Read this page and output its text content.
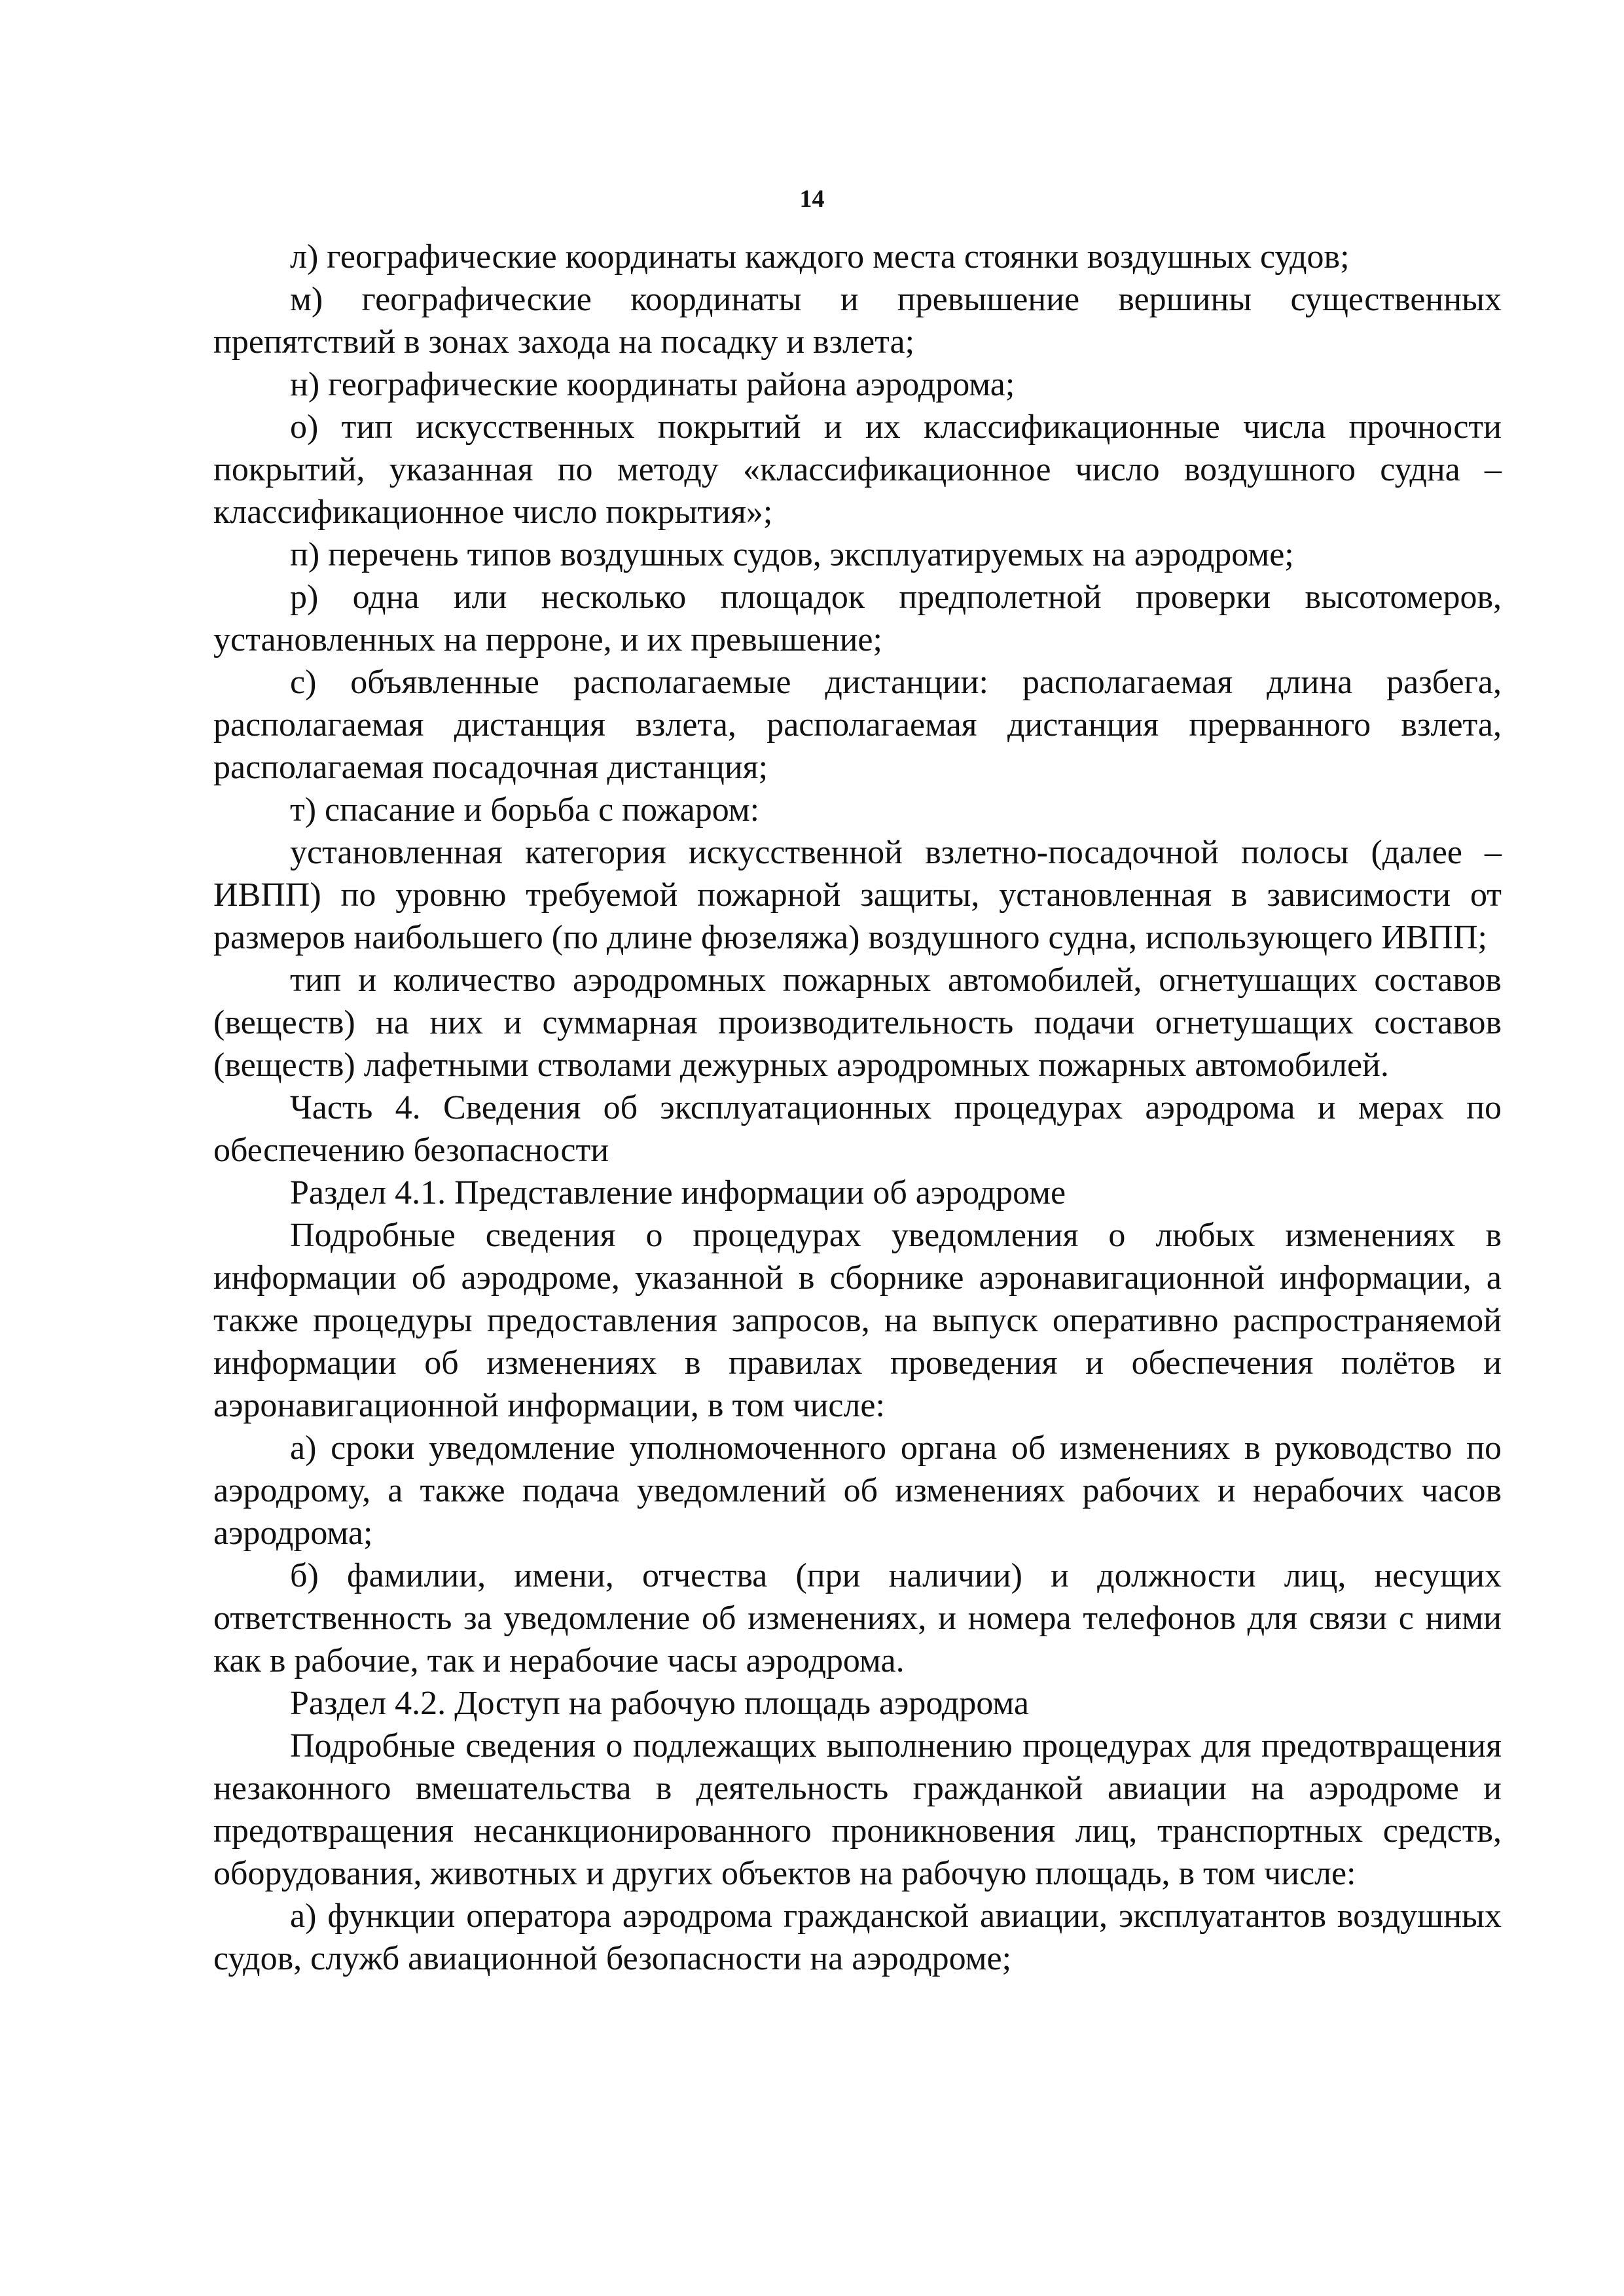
14

л) географические координаты каждого места стоянки воздушных судов;

м) географические координаты и превышение вершины существенных препятствий в зонах захода на посадку и взлета;

н) географические координаты района аэродрома;

о) тип искусственных покрытий и их классификационные числа прочности покрытий, указанная по методу «классификационное число воздушного судна – классификационное число покрытия»;

п) перечень типов воздушных судов, эксплуатируемых на аэродроме;

р) одна или несколько площадок предполетной проверки высотомеров, установленных на перроне, и их превышение;

с) объявленные располагаемые дистанции: располагаемая длина разбега, располагаемая дистанция взлета, располагаемая дистанция прерванного взлета, располагаемая посадочная дистанция;

т) спасание и борьба с пожаром:

установленная категория искусственной взлетно-посадочной полосы (далее – ИВПП) по уровню требуемой пожарной защиты, установленная в зависимости от размеров наибольшего (по длине фюзеляжа) воздушного судна, использующего ИВПП;

тип и количество аэродромных пожарных автомобилей, огнетушащих составов (веществ) на них и суммарная производительность подачи огнетушащих составов (веществ) лафетными стволами дежурных аэродромных пожарных автомобилей.

Часть 4. Сведения об эксплуатационных процедурах аэродрома и мерах по обеспечению безопасности

Раздел 4.1. Представление информации об аэродроме

Подробные сведения о процедурах уведомления о любых изменениях в информации об аэродроме, указанной в сборнике аэронавигационной информации, а также процедуры предоставления запросов, на выпуск оперативно распространяемой информации об изменениях в правилах проведения и обеспечения полётов и аэронавигационной информации, в том числе:

а) сроки уведомление уполномоченного органа об изменениях в руководство по аэродрому, а также подача уведомлений об изменениях рабочих и нерабочих часов аэродрома;

б) фамилии, имени, отчества (при наличии) и должности лиц, несущих ответственность за уведомление об изменениях, и номера телефонов для связи с ними как в рабочие, так и нерабочие часы аэродрома.

Раздел 4.2. Доступ на рабочую площадь аэродрома

Подробные сведения о подлежащих выполнению процедурах для предотвращения незаконного вмешательства в деятельность гражданкой авиации на аэродроме и предотвращения несанкционированного проникновения лиц, транспортных средств, оборудования, животных и других объектов на рабочую площадь, в том числе:

а) функции оператора аэродрома гражданской авиации, эксплуатантов воздушных судов, служб авиационной безопасности на аэродроме;
